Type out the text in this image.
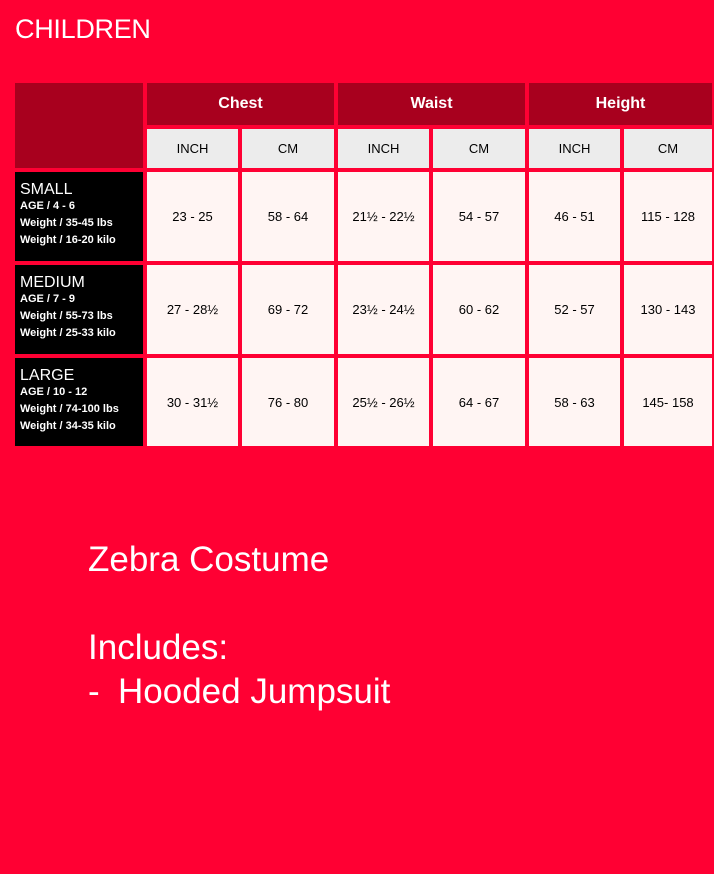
CHILDREN
Chest	Waist	Height
INCH	CM	INCH	CM	INCH	CM
SMALL
AGE / 4 - 6
Weight / 35-45 lbs
Weight / 16-20 kilo
23 - 25	58 - 64	21½ - 22½	54 - 57	46 - 51	115 - 128
MEDIUM
AGE / 7 - 9
Weight / 55-73 lbs
Weight / 25-33 kilo
27 - 28½	69 - 72	23½ - 24½	60 - 62	52 - 57	130 - 143
LARGE
AGE / 10 - 12
Weight / 74-100 lbs
Weight / 34-35 kilo
30 - 31½	76 - 80	25½ - 26½	64 - 67	58 - 63	145- 158
Zebra Costume
Includes:
- Hooded Jumpsuit
